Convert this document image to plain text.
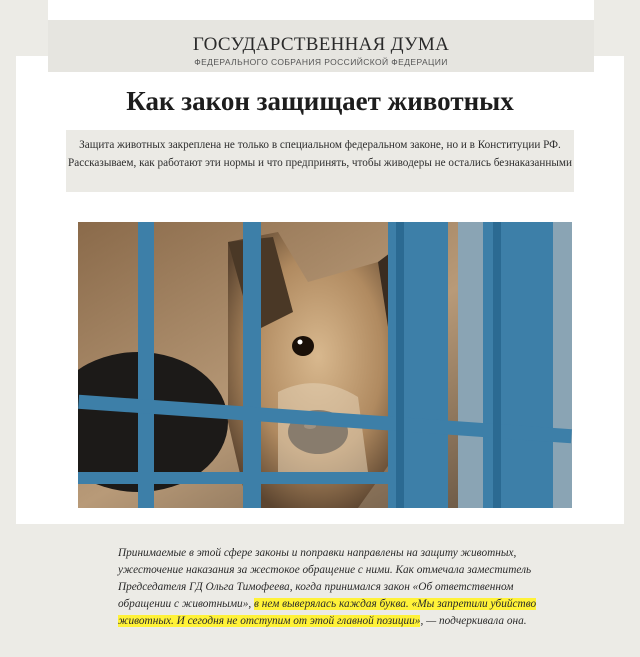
ГОСУДАРСТВЕННАЯ ДУМА
ФЕДЕРАЛЬНОГО СОБРАНИЯ РОССИЙСКОЙ ФЕДЕРАЦИИ
Как закон защищает животных
Защита животных закреплена не только в специальном федеральном законе, но и в Конституции РФ. Рассказываем, как работают эти нормы и что предпринять, чтобы живодеры не остались безнаказанными

Принимаемые в этой сфере законы и поправки направлены на защиту животных, ужесточение наказания за жестокое обращение с ними. Как отмечала заместитель Председателя ГД Ольга Тимофеева, когда принимался закон «Об ответственном обращении с животными», в нем выверялась каждая буква. «Мы запретили убийство животных. И сегодня не отступим от этой главной позиции», — подчеркивала она.
